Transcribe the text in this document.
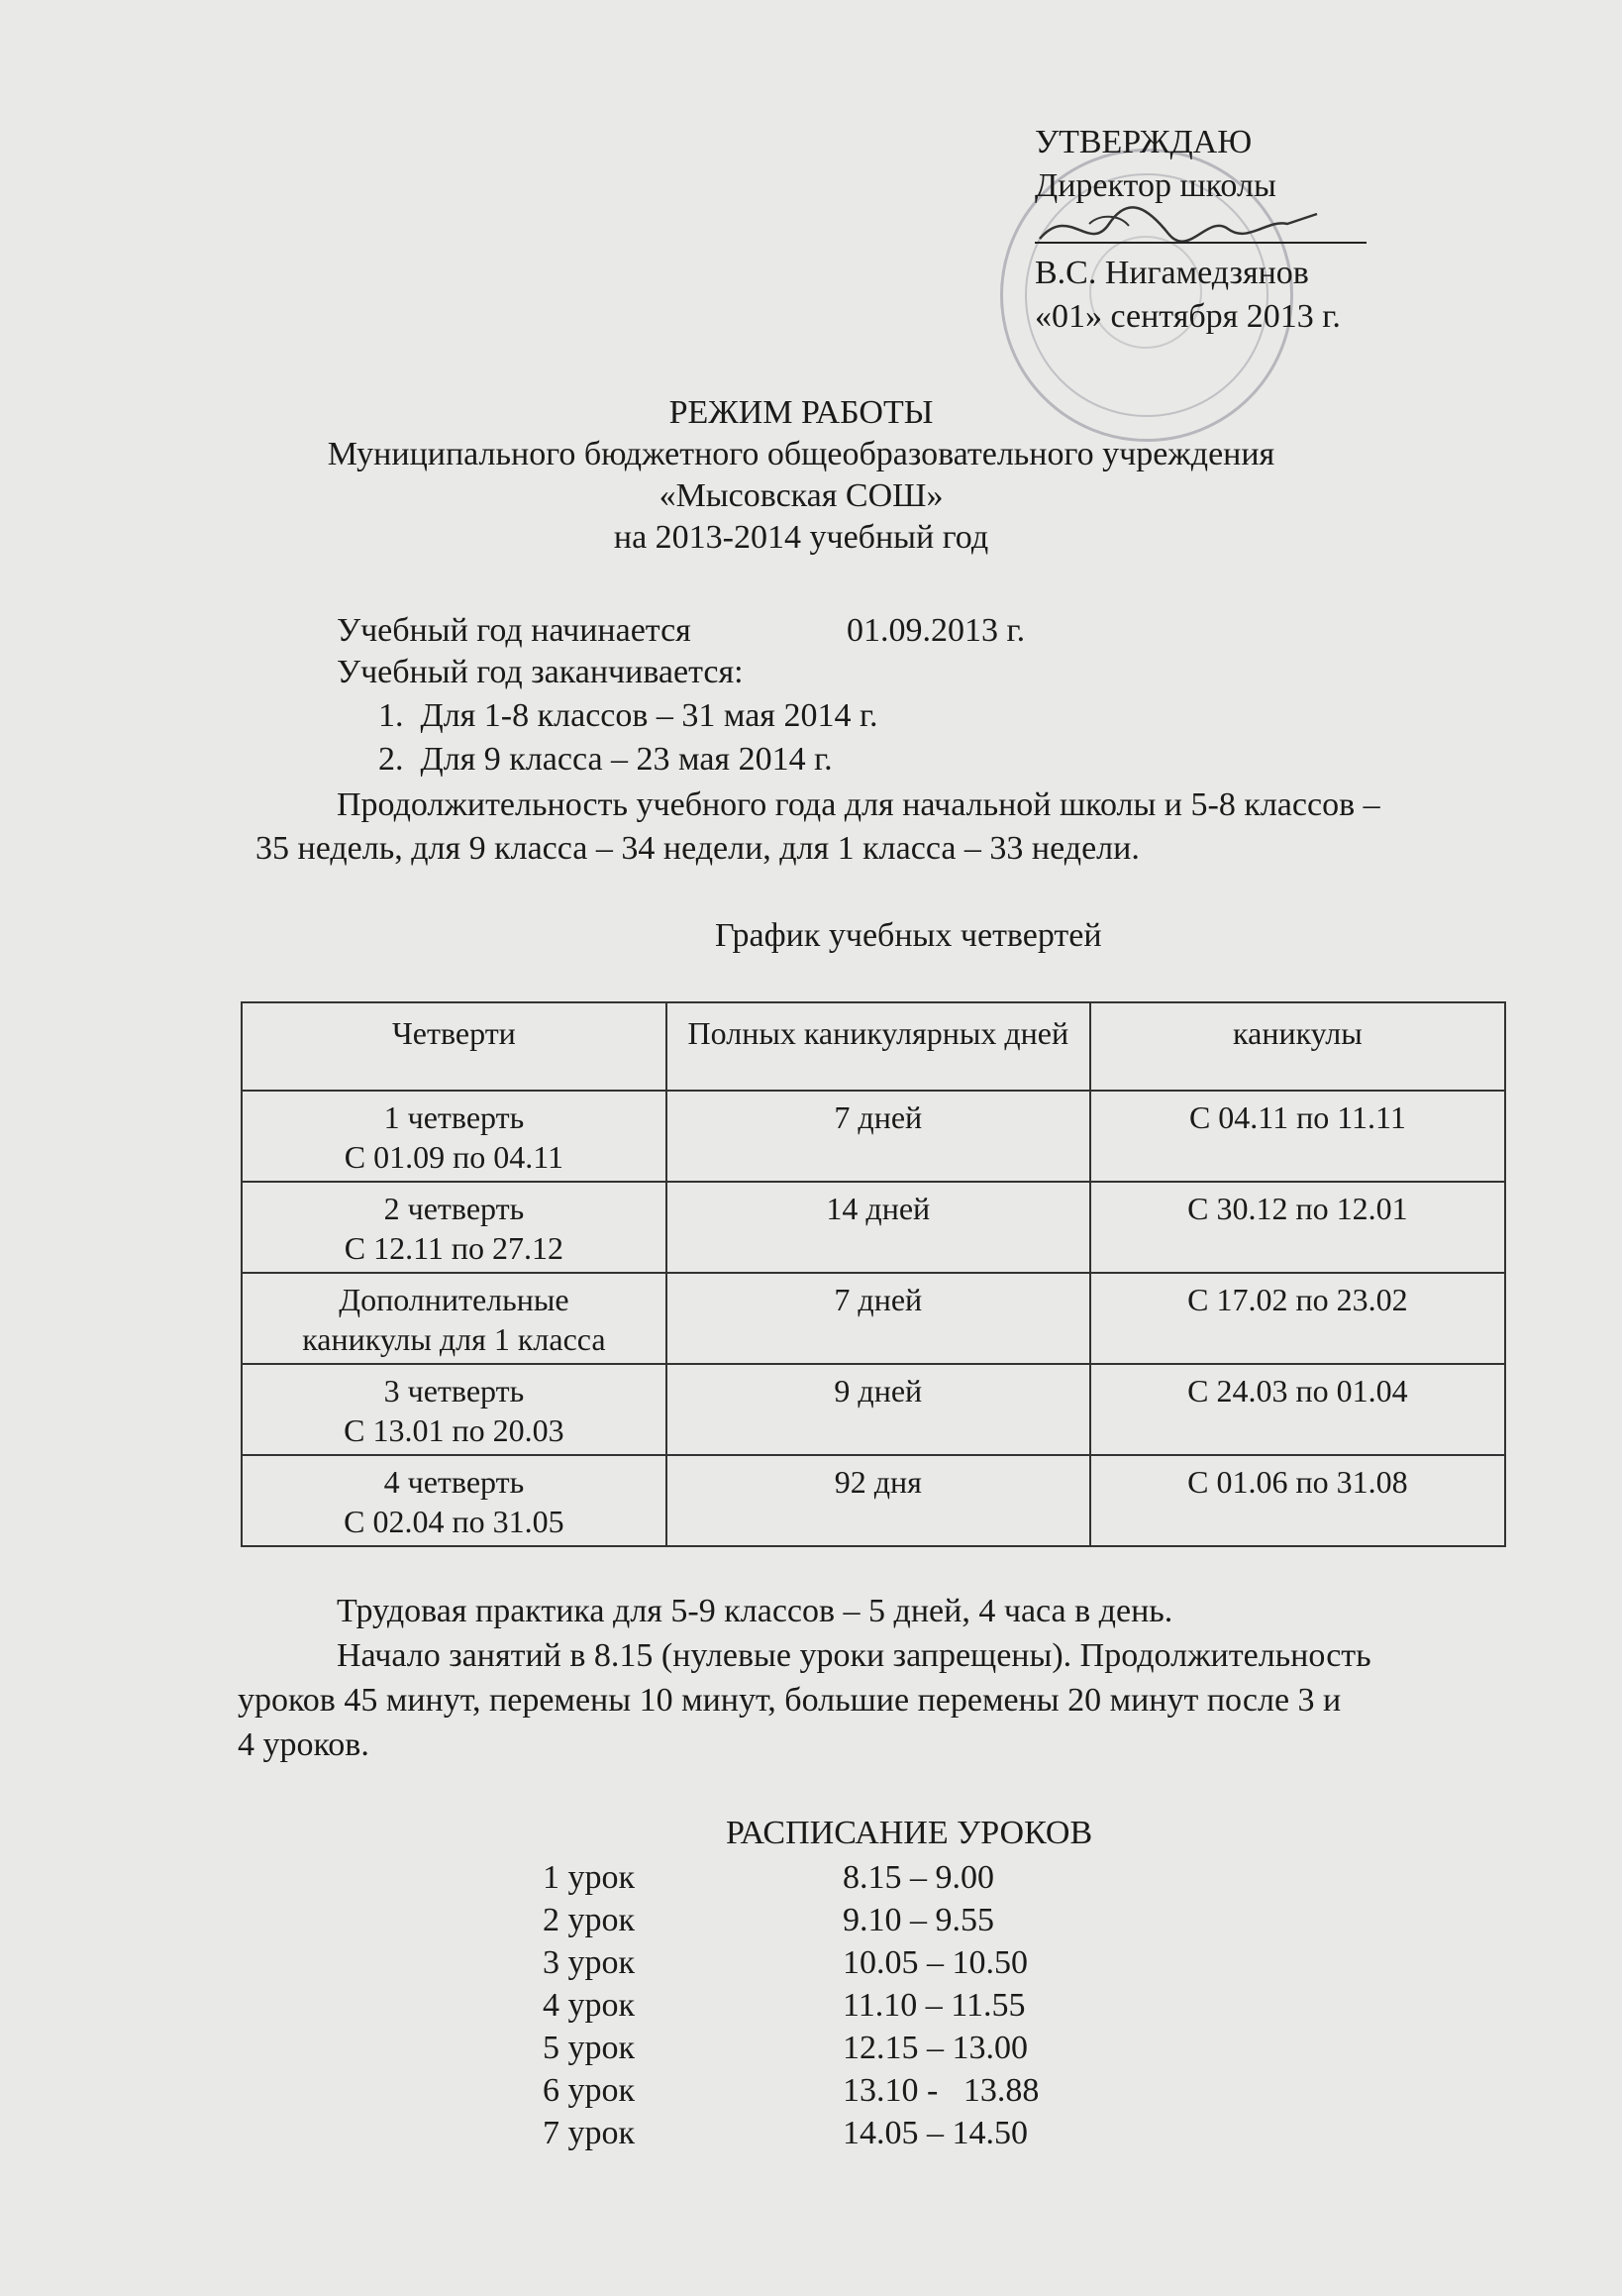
УТВЕРЖДАЮ
Директор школы
В.С. Нигамедзянов
«01» сентября 2013 г.
РЕЖИМ РАБОТЫ
Муниципального бюджетного общеобразовательного учреждения
«Мысовская СОШ»
на 2013-2014 учебный год
Учебный год начинается	01.09.2013 г.
Учебный год заканчивается:
1. Для 1-8 классов – 31 мая 2014 г.
2. Для 9 класса – 23 мая 2014 г.
Продолжительность учебного года для начальной школы и 5-8 классов –
35 недель, для 9 класса – 34 недели, для 1 класса – 33 недели.
График учебных четвертей
Четверти	Полных каникулярных дней	каникулы
1 четверть
С 01.09 по 04.11	7 дней	С 04.11 по 11.11
2 четверть
С 12.11 по 27.12	14 дней	С 30.12 по 12.01
Дополнительные
каникулы для 1 класса	7 дней	С 17.02 по 23.02
3 четверть
С 13.01 по 20.03	9 дней	С 24.03 по 01.04
4 четверть
С 02.04 по 31.05	92 дня	С 01.06 по 31.08
Трудовая практика для 5-9 классов – 5 дней, 4 часа в день.
Начало занятий в 8.15 (нулевые уроки запрещены). Продолжительность
уроков 45 минут, перемены 10 минут, большие перемены 20 минут после 3 и
4 уроков.
РАСПИСАНИЕ УРОКОВ
1 урок	8.15 – 9.00
2 урок	9.10 – 9.55
3 урок	10.05 – 10.50
4 урок	11.10 – 11.55
5 урок	12.15 – 13.00
6 урок	13.10 -   13.88
7 урок	14.05 – 14.50
